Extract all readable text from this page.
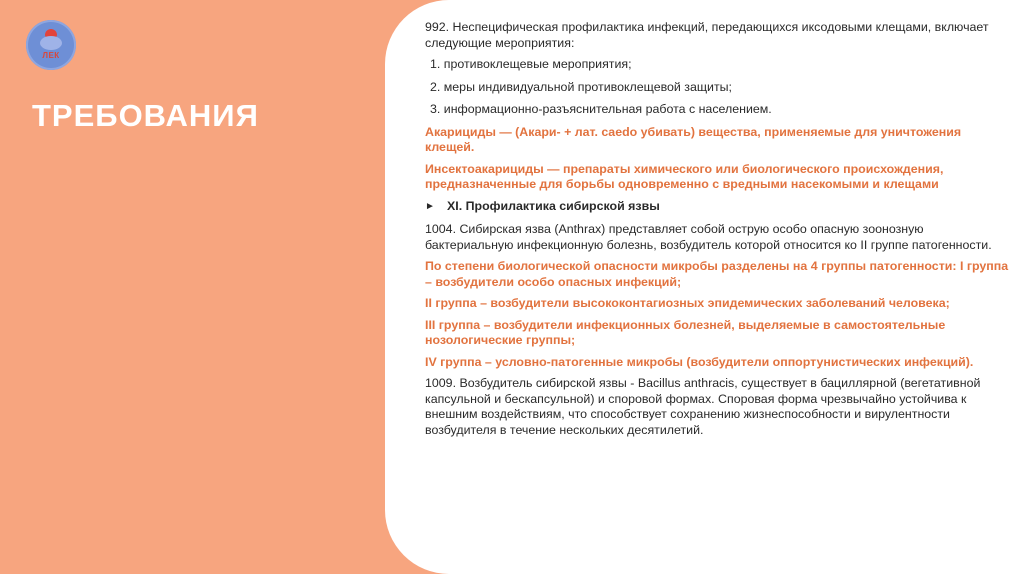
ЛЕК
ТРЕБОВАНИЯ

992. Неспецифическая профилактика инфекций, передающихся иксодовыми клещами, включает следующие мероприятия:

1. противоклещевые мероприятия;
2. меры индивидуальной противоклещевой защиты;
3. информационно-разъяснительная работа с населением.

Акарициды — (Акари- + лат. caedo убивать) вещества, применяемые для уничтожения клещей.

Инсектоакарициды — препараты химического или биологического происхождения, предназначенные для борьбы одновременно с вредными насекомыми и клещами

► XI. Профилактика сибирской язвы

1004. Сибирская язва (Anthrax) представляет собой острую особо опасную зоонозную бактериальную инфекционную болезнь, возбудитель которой относится ко II группе патогенности.

По степени биологической опасности микробы разделены на 4 группы патогенности: I группа – возбудители особо опасных инфекций;

II группа – возбудители высококонтагиозных эпидемических заболеваний человека;

III группа – возбудители инфекционных болезней, выделяемые в самостоятельные нозологические группы;

IV группа – условно-патогенные микробы (возбудители оппортунистических инфекций).

1009. Возбудитель сибирской язвы - Bacillus anthracis, существует в бациллярной (вегетативной капсульной и бескапсульной) и споровой формах. Споровая форма чрезвычайно устойчива к внешним воздействиям, что способствует сохранению жизнеспособности и вирулентности возбудителя в течение нескольких десятилетий.
